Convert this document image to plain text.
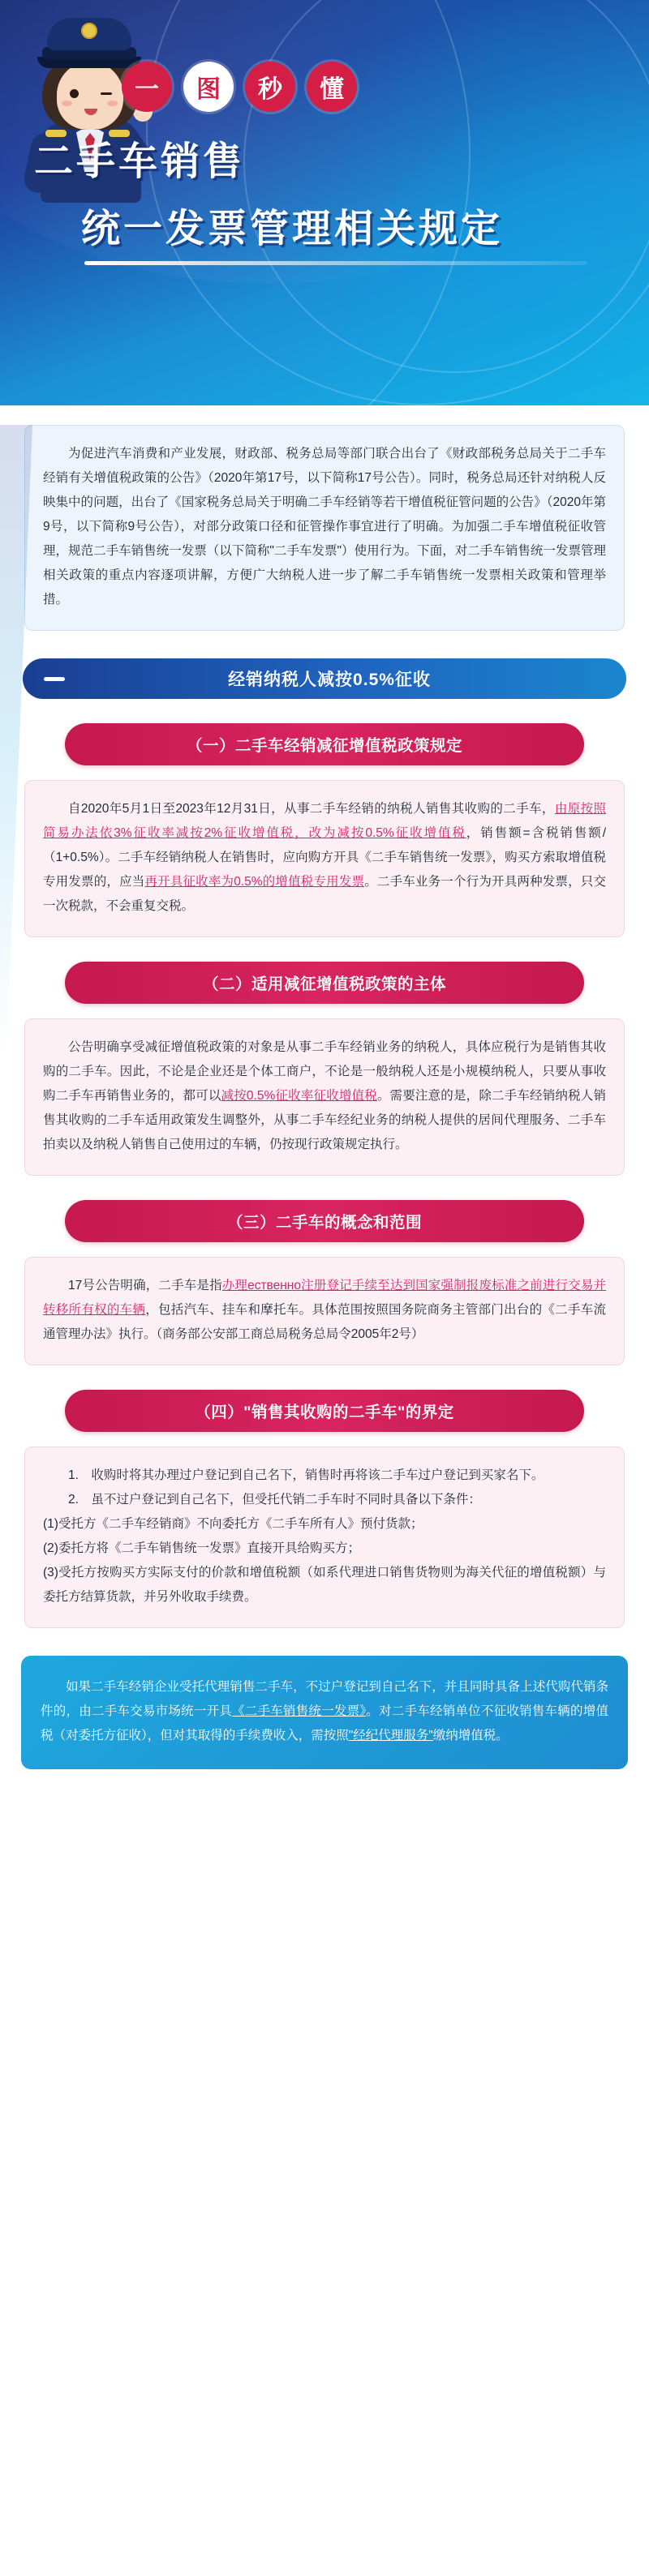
一	图	秒	懂
二手车销售
统一发票管理相关规定

为促进汽车消费和产业发展，财政部、税务总局等部门联合出台了《财政部税务总局关于二手车经销有关增值税政策的公告》（2020年第17号，以下简称17号公告）。同时，税务总局还针对纳税人反映集中的问题，出台了《国家税务总局关于明确二手车经销等若干增值税征管问题的公告》（2020年第9号，以下简称9号公告），对部分政策口径和征管操作事宜进行了明确。为加强二手车增值税征收管理，规范二手车销售统一发票（以下简称"二手车发票"）使用行为。下面，对二手车销售统一发票管理相关政策的重点内容逐项讲解，方便广大纳税人进一步了解二手车销售统一发票相关政策和管理举措。

经销纳税人减按0.5%征收
（一）二手车经销减征增值税政策规定

自2020年5月1日至2023年12月31日，从事二手车经销的纳税人销售其收购的二手车，由原按照简易办法依3%征收率减按2%征收增值税，改为减按0.5%征收增值税，销售额=含税销售额/（1+0.5%）。二手车经销纳税人在销售时，应向购方开具《二手车销售统一发票》，购买方索取增值税专用发票的，应当再开具征收率为0.5%的增值税专用发票。二手车业务一个行为开具两种发票，只交一次税款，不会重复交税。

（二）适用减征增值税政策的主体

公告明确享受减征增值税政策的对象是从事二手车经销业务的纳税人，具体应税行为是销售其收购的二手车。因此，不论是企业还是个体工商户，不论是一般纳税人还是小规模纳税人，只要从事收购二手车再销售业务的，都可以减按0.5%征收率征收增值税。需要注意的是，除二手车经销纳税人销售其收购的二手车适用政策发生调整外，从事二手车经纪业务的纳税人提供的居间代理服务、二手车拍卖以及纳税人销售自己使用过的车辆，仍按现行政策规定执行。

（三）二手车的概念和范围

17号公告明确，二手车是指办理ественно注册登记手续至达到国家强制报废标准之前进行交易并转移所有权的车辆，包括汽车、挂车和摩托车。具体范围按照国务院商务主管部门出台的《二手车流通管理办法》执行。（商务部公安部工商总局税务总局令2005年2号）

（四）"销售其收购的二手车"的界定

1.　收购时将其办理过户登记到自己名下，销售时再将该二手车过户登记到买家名下。

2.　虽不过户登记到自己名下，但受托代销二手车时不同时具备以下条件：

(1)受托方《二手车经销商》不向委托方《二手车所有人》预付货款；

(2)委托方将《二手车销售统一发票》直接开具给购买方；

(3)受托方按购买方实际支付的价款和增值税额（如系代理进口销售货物则为海关代征的增值税额）与委托方结算货款，并另外收取手续费。

如果二手车经销企业受托代理销售二手车，不过户登记到自己名下，并且同时具备上述代购代销条件的，由二手车交易市场统一开具《二手车销售统一发票》。对二手车经销单位不征收销售车辆的增值税（对委托方征收），但对其取得的手续费收入，需按照"经纪代理服务"缴纳增值税。
